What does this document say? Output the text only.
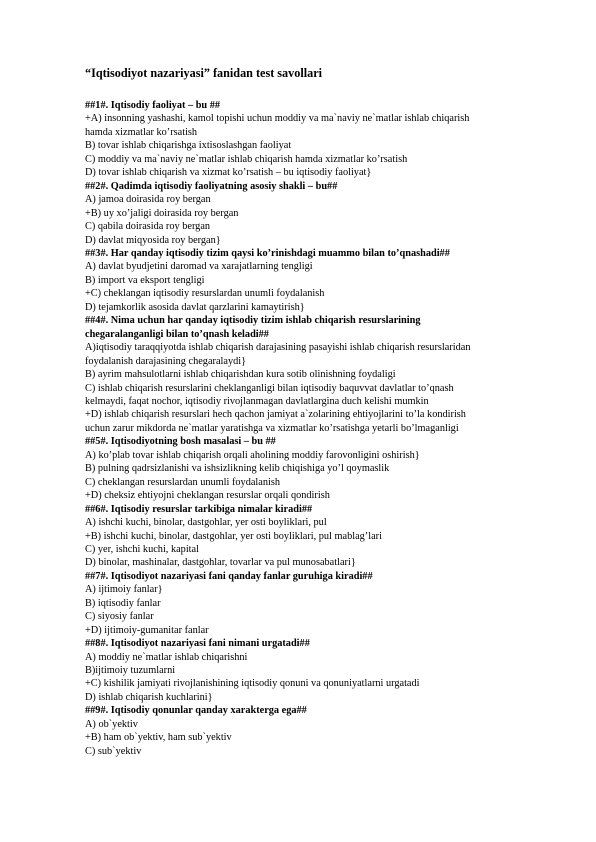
“Iqtisodiyot nazariyasi” fanidan test savollari
##1#. Iqtisodiy faoliyat – bu ##
+A) insonning yashashi, kamol topishi uchun moddiy va ma`naviy ne`matlar ishlab chiqarish
hamda xizmatlar ko’rsatish
B) tovar ishlab chiqarishga ixtisoslashgan faoliyat
C) moddiy va ma`naviy ne`matlar ishlab chiqarish hamda xizmatlar ko’rsatish
D) tovar ishlab chiqarish va xizmat ko’rsatish – bu iqtisodiy faoliyat}
##2#. Qadimda iqtisodiy faoliyatning asosiy shakli – bu##
A) jamoa doirasida roy bergan
+B) uy xo’jaligi doirasida roy bergan
C) qabila doirasida roy bergan
D) davlat miqyosida roy bergan}
##3#. Har qanday iqtisodiy tizim qaysi ko’rinishdagi muammo bilan to’qnashadi##
A) davlat byudjetini daromad va xarajatlarning tengligi
B) import va eksport tengligi
+C) cheklangan iqtisodiy resurslardan unumli foydalanish
D) tejamkorlik asosida davlat qarzlarini kamaytirish}
##4#. Nima uchun har qanday iqtisodiy tizim ishlab chiqarish resurslarining
chegaralanganligi bilan to’qnash keladi##
A)iqtisodiy taraqqiyotda ishlab chiqarish darajasining pasayishi ishlab chiqarish resurslaridan
foydalanish darajasining chegaralaydi}
B) ayrim mahsulotlarni ishlab chiqarishdan kura sotib olinishning foydaligi
C) ishlab chiqarish resurslarini cheklanganligi bilan iqtisodiy baquvvat davlatlar to’qnash
kelmaydi, faqat nochor, iqtisodiy rivojlanmagan davlatlargina duch kelishi mumkin
+D) ishlab chiqarish resurslari hech qachon jamiyat a`zolarining ehtiyojlarini to’la kondirish
uchun zarur mikdorda ne`matlar yaratishga va xizmatlar ko’rsatishga yetarli bo’lmaganligi
##5#. Iqtisodiyotning bosh masalasi – bu ##
A) ko’plab tovar ishlab chiqarish orqali aholining moddiy farovonligini oshirish}
B) pulning qadrsizlanishi va ishsizlikning kelib chiqishiga yo’l qoymaslik
C) cheklangan resurslardan unumli foydalanish
+D) cheksiz ehtiyojni cheklangan resurslar orqali qondirish
##6#. Iqtisodiy resurslar tarkibiga nimalar kiradi##
A) ishchi kuchi, binolar, dastgohlar, yer osti boyliklari, pul
+B) ishchi kuchi, binolar, dastgohlar, yer osti boyliklari, pul mablag’lari
C) yer, ishchi kuchi, kapital
D) binolar, mashinalar, dastgohlar, tovarlar va pul munosabatlari}
##7#. Iqtisodiyot nazariyasi fani qanday fanlar guruhiga kiradi##
A) ijtimoiy fanlar}
B) iqtisodiy fanlar
C) siyosiy fanlar
+D) ijtimoiy-gumanitar fanlar
##8#. Iqtisodiyot nazariyasi fani nimani urgatadi##
A) moddiy ne`matlar ishlab chiqarishni
B)ijtimoiy tuzumlarni
+C) kishilik jamiyati rivojlanishining iqtisodiy qonuni va qonuniyatlarni urgatadi
D) ishlab chiqarish kuchlarini}
##9#. Iqtisodiy qonunlar qanday xarakterga ega##
A) ob`yektiv
+B) ham ob`yektiv, ham sub`yektiv
C) sub`yektiv
